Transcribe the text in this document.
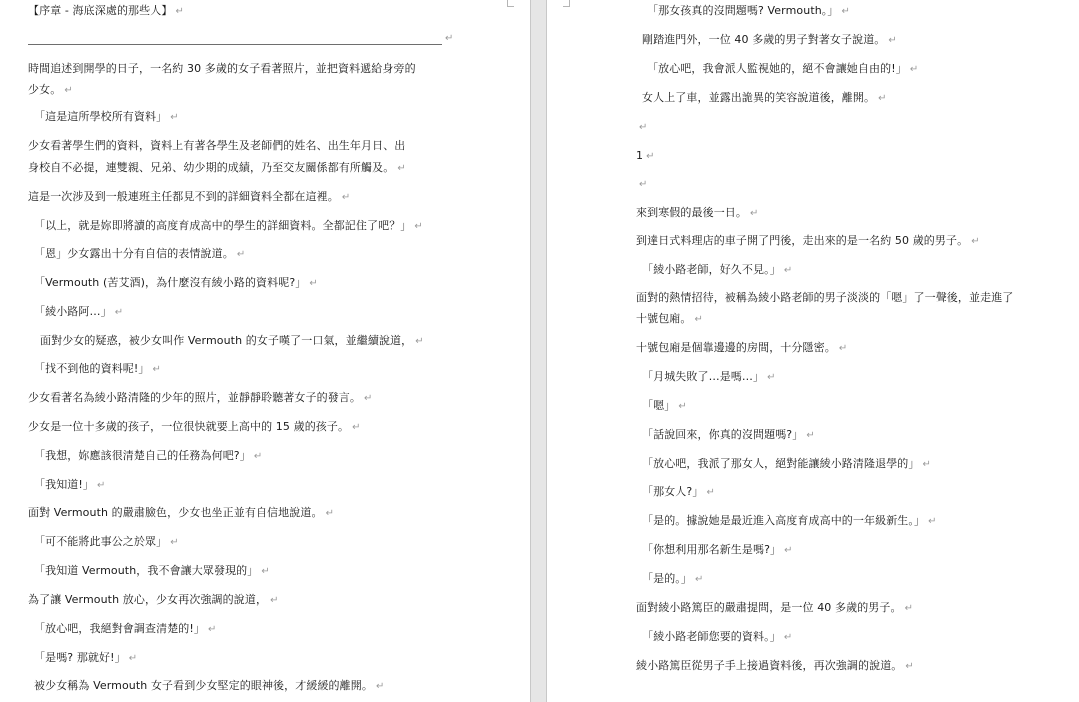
【序章 - 海底深處的那些人】 ↵
↵
時間追述到開學的日子，一名約 30 多歲的女子看著照片，並把資料遞給身旁的
少女。 ↵
「這是這所學校所有資料」 ↵
少女看著學生們的資料，資料上有著各學生及老師們的姓名、出生年月日、出
身校自不必提，連雙親、兄弟、幼少期的成績，乃至交友關係都有所觸及。 ↵
這是一次涉及到一般連班主任都見不到的詳細資料全都在這裡。 ↵
「以上，就是妳即將讀的高度育成高中的學生的詳細資料。全都記住了吧？」 ↵
「恩」少女露出十分有自信的表情說道。 ↵
「Vermouth (苦艾酒)，為什麼沒有綾小路的資料呢?」 ↵
「綾小路阿…」 ↵
面對少女的疑惑，被少女叫作 Vermouth 的女子嘆了一口氣，並繼續說道， ↵
「找不到他的資料呢!」 ↵
少女看著名為綾小路清隆的少年的照片，並靜靜聆聽著女子的發言。 ↵
少女是一位十多歲的孩子，一位很快就要上高中的 15 歲的孩子。 ↵
「我想，妳應該很清楚自己的任務為何吧?」 ↵
「我知道!」 ↵
面對 Vermouth 的嚴肅臉色，少女也坐正並有自信地說道。 ↵
「可不能將此事公之於眾」 ↵
「我知道 Vermouth，我不會讓大眾發現的」 ↵
為了讓 Vermouth 放心，少女再次強調的說道， ↵
「放心吧，我絕對會調查清楚的!」 ↵
「是嗎? 那就好!」 ↵
被少女稱為 Vermouth 女子看到少女堅定的眼神後，才緩緩的離開。 ↵
「那女孩真的沒問題嗎? Vermouth。」 ↵
剛踏進門外，一位 40 多歲的男子對著女子說道。 ↵
「放心吧，我會派人監視她的，絕不會讓她自由的!」 ↵
女人上了車，並露出詭異的笑容說道後，離開。 ↵
↵
1 ↵
↵
來到寒假的最後一日。 ↵
到達日式料理店的車子開了門後，走出來的是一名約 50 歲的男子。 ↵
「綾小路老師，好久不見。」 ↵
面對的熱情招待，被稱為綾小路老師的男子淡淡的「嗯」了一聲後，並走進了
十號包廂。 ↵
十號包廂是個靠邊邊的房間，十分隱密。 ↵
「月城失敗了…是嗎…」 ↵
「嗯」 ↵
「話說回來，你真的沒問題嗎?」 ↵
「放心吧，我派了那女人，絕對能讓綾小路清隆退學的」 ↵
「那女人?」 ↵
「是的。據說她是最近進入高度育成高中的一年級新生。」 ↵
「你想利用那名新生是嗎?」 ↵
「是的。」 ↵
面對綾小路篤臣的嚴肅提問，是一位 40 多歲的男子。 ↵
「綾小路老師您要的資料。」 ↵
綾小路篤臣從男子手上接過資料後，再次強調的說道。 ↵
